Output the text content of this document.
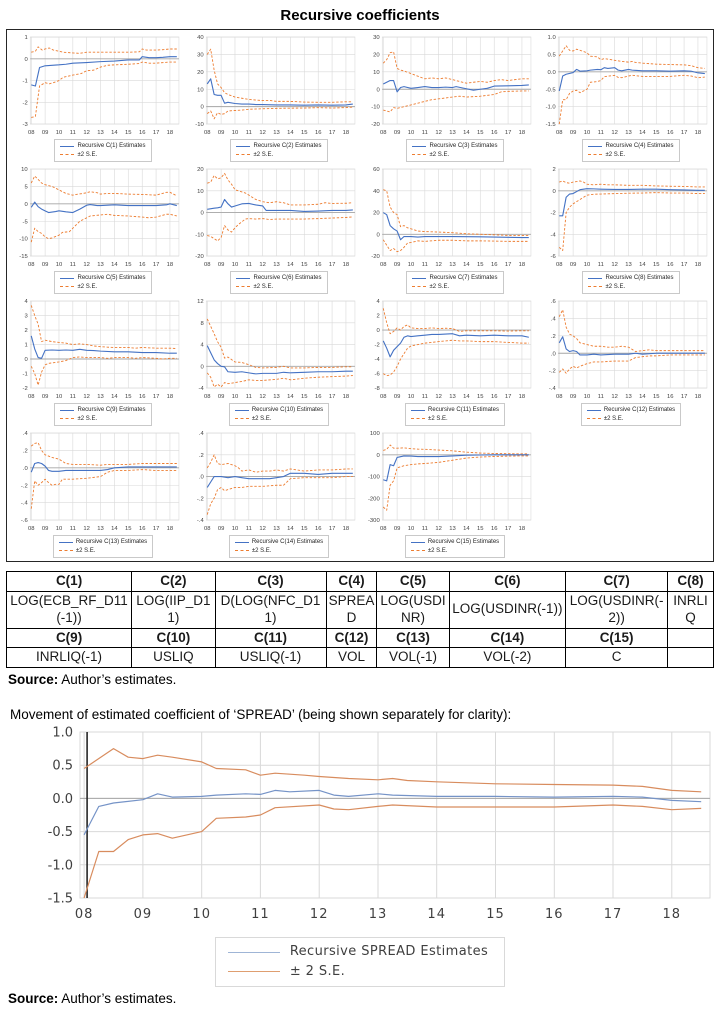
Recursive coefficients
1
0
-1
-2
-3
08 09 10 11 12 13 14 15 16 17 18
Recursive C(1) Estimates
±2 S.E.
40
30
20
10
0
-10
08 09 10 11 12 13 14 15 16 17 18
Recursive C(2) Estimates
±2 S.E.
30
20
10
0
-10
-20
08 09 10 11 12 13 14 15 16 17 18
Recursive C(3) Estimates
±2 S.E.
1.0
0.5
0.0
-0.5
-1.0
-1.5
08 09 10 11 12 13 14 15 16 17 18
Recursive C(4) Estimates
±2 S.E.
10
5
0
-5
-10
-15
08 09 10 11 12 13 14 15 16 17 18
Recursive C(5) Estimates
±2 S.E.
20
10
0
-10
-20
08 09 10 11 12 13 14 15 16 17 18
Recursive C(6) Estimates
±2 S.E.
60
40
20
0
-20
08 09 10 11 12 13 14 15 16 17 18
Recursive C(7) Estimates
±2 S.E.
2
0
-2
-4
-6
08 09 10 11 12 13 14 15 16 17 18
Recursive C(8) Estimates
±2 S.E.
4
3
2
1
0
-1
-2
08 09 10 11 12 13 14 15 16 17 18
Recursive C(9) Estimates
±2 S.E.
12
8
4
0
-4
08 09 10 11 12 13 14 15 16 17 18
Recursive C(10) Estimates
±2 S.E.
4
2
0
-2
-4
-6
-8
08 09 10 11 12 13 14 15 16 17 18
Recursive C(11) Estimates
±2 S.E.
.6
.4
.2
.0
-.2
-.4
08 09 10 11 12 13 14 15 16 17 18
Recursive C(12) Estimates
±2 S.E.
.4
.2
.0
-.2
-.4
-.6
08 09 10 11 12 13 14 15 16 17 18
Recursive C(13) Estimates
±2 S.E.
.4
.2
.0
-.2
-.4
08 09 10 11 12 13 14 15 16 17 18
Recursive C(14) Estimates
±2 S.E.
100
0
-100
-200
-300
08 09 10 11 12 13 14 15 16 17 18
Recursive C(15) Estimates
±2 S.E.
C(1)	C(2)	C(3)	C(4)	C(5)	C(6)	C(7)	C(8)
LOG(ECB_RF_D11(-1))	LOG(IIP_D11)	D(LOG(NFC_D11)	SPREAD	LOG(USDINR)	LOG(USDINR(-1))	LOG(USDINR(-2))	INRLIQ
C(9)	C(10)	C(11)	C(12)	C(13)	C(14)	C(15)	
INRLIQ(-1)	USLIQ	USLIQ(-1)	VOL	VOL(-1)	VOL(-2)	C	

Source: Author’s estimates.

Movement of estimated coefficient of ‘SPREAD’ (being shown separately for clarity):

1.0
0.5
0.0
-0.5
-1.0
-1.5
08	09	10	11	12	13	14	15	16	17	18
Recursive SPREAD Estimates
± 2 S.E.

Source: Author’s estimates.
